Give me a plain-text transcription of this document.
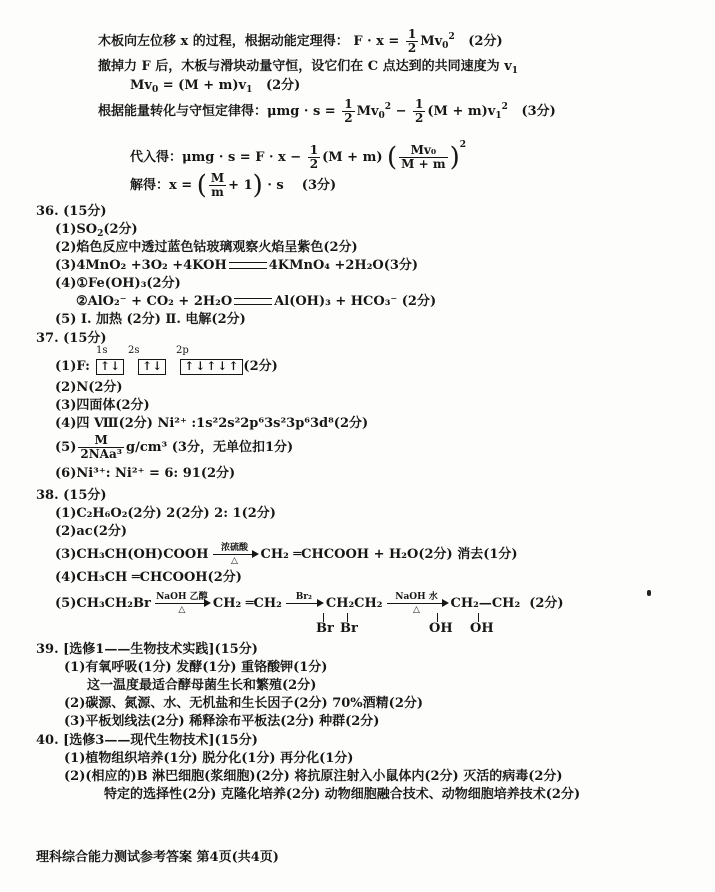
木板向左位移 x 的过程，根据动能定理得： $F \cdot x = \frac{1}{2} Mv_0^2$ (2分)
撤掉力 F 后，木板与滑块动量守恒，设它们在 C 点达到的共同速度为 $v_1$
$Mv_0 = (M + m)v_1$ (2分)
根据能量转化与守恒定律得：$\mu mg \cdot s = \frac{1}{2} Mv_0^2 - \frac{1}{2} (M + m)v_1^2$ (3分)
代入得：$\mu mg \cdot s = F \cdot x - \frac{1}{2} (M + m)$ ( $\frac{\text{Mv₀}}{M + m} )^2$
解得：x = ( $\frac{M}{m} + 1) \cdot s$ (3分)
36. (15分)
$(1)SO_2(2$分)
(2)焰色反应中透过蓝色钴玻璃观察火焰呈紫色(2分)
(3)4MnO₂ +3O₂ +4KOH	4KMnO₄ +2H₂O(3分)
(4)①Fe(OH)₃(2分)
②AlO₂⁻ + CO₂ + 2H₂O	Al(OH)₃ + HCO₃⁻ (2分)
(5) Ⅰ. 加热 (2分) Ⅱ. 电解(2分)
37. (15分)
1s 2s	2p
(1)F: ↑↓ ↑↓ ↑↓↑↓↑ (2分)
(2)N(2分)
(3)四面体(2分)
(4)四 Ⅷ(2分) Ni²⁺ :1s²2s²2p⁶3s²3p⁶3d⁸(2分)
$(5) \frac{M}{\text{2NAa³}} g/cm^3$ (3分，无单位扣1分)
(6)Ni³⁺: Ni²⁺ = 6: 91(2分)
38. (15分)
(1)C₂H₆O₂(2分) 2(2分) 2: 1(2分)
(2)ac(2分)
(3)CH₃CH(OH)COOH	浓硫酸
△	CH₂ ═CHCOOH + H₂O(2分) 消去(1分)
(4)CH₃CH ═CHCOOH(2分)
(5)CH₃CH₂Br NaOH 乙醇
△	CH₂ ═CH₂	Br₂
	CH₂CH₂	NaOH 水
△	CH₂—CH₂ (2分)
Br Br	OH OH
39. [选修1——生物技术实践](15分)
(1)有氧呼吸(1分) 发酵(1分) 重铬酸钾(1分)
这一温度最适合酵母菌生长和繁殖(2分)
(2)碳源、氮源、水、无机盐和生长因子(2分) 70%酒精(2分)
(3)平板划线法(2分) 稀释涂布平板法(2分) 种群(2分)
40. [选修3——现代生物技术](15分)
(1)植物组织培养(1分) 脱分化(1分) 再分化(1分)
(2)(相应的)B 淋巴细胞(浆细胞)(2分) 将抗原注射入小鼠体内(2分) 灭活的病毒(2分)
特定的选择性(2分) 克隆化培养(2分) 动物细胞融合技术、动物细胞培养技术(2分)
理科综合能力测试参考答案 第4页(共4页)
